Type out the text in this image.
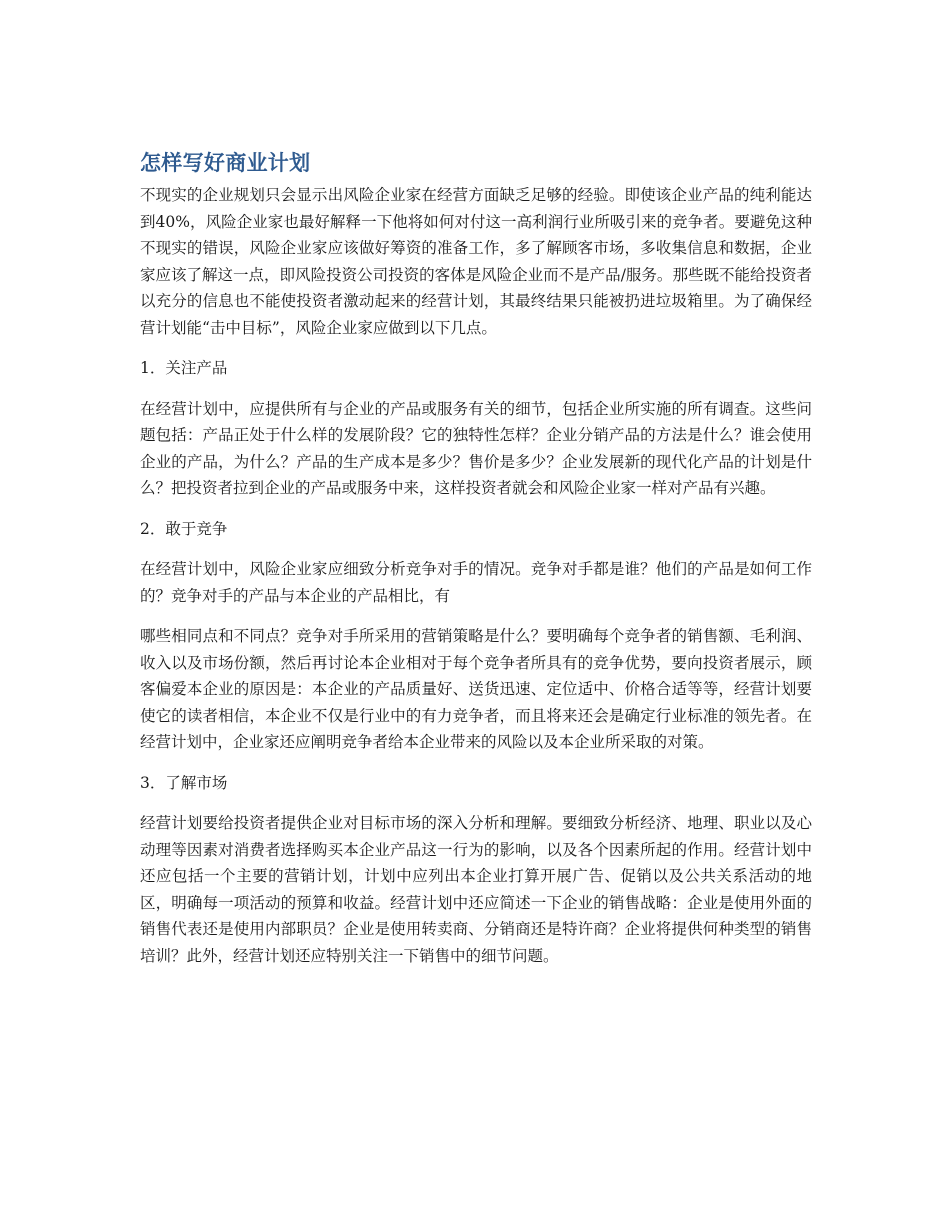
怎样写好商业计划

不现实的企业规划只会显示出风险企业家在经营方面缺乏足够的经验。即使该企业产品的纯利能达到40%，风险企业家也最好解释一下他将如何对付这一高利润行业所吸引来的竞争者。要避免这种不现实的错误，风险企业家应该做好筹资的准备工作，多了解顾客市场，多收集信息和数据，企业家应该了解这一点，即风险投资公司投资的客体是风险企业而不是产品/服务。那些既不能给投资者以充分的信息也不能使投资者激动起来的经营计划，其最终结果只能被扔进垃圾箱里。为了确保经营计划能“击中目标”，风险企业家应做到以下几点。

1．关注产品

在经营计划中，应提供所有与企业的产品或服务有关的细节，包括企业所实施的所有调查。这些问题包括：产品正处于什么样的发展阶段？它的独特性怎样？企业分销产品的方法是什么？谁会使用企业的产品，为什么？产品的生产成本是多少？售价是多少？企业发展新的现代化产品的计划是什么？把投资者拉到企业的产品或服务中来，这样投资者就会和风险企业家一样对产品有兴趣。

2．敢于竞争

在经营计划中，风险企业家应细致分析竞争对手的情况。竞争对手都是谁？他们的产品是如何工作的？竞争对手的产品与本企业的产品相比，有

哪些相同点和不同点？竞争对手所采用的营销策略是什么？要明确每个竞争者的销售额、毛利润、收入以及市场份额，然后再讨论本企业相对于每个竞争者所具有的竞争优势，要向投资者展示，顾客偏爱本企业的原因是：本企业的产品质量好、送货迅速、定位适中、价格合适等等，经营计划要使它的读者相信，本企业不仅是行业中的有力竞争者，而且将来还会是确定行业标准的领先者。在经营计划中，企业家还应阐明竞争者给本企业带来的风险以及本企业所采取的对策。

3．了解市场

经营计划要给投资者提供企业对目标市场的深入分析和理解。要细致分析经济、地理、职业以及心动理等因素对消费者选择购买本企业产品这一行为的影响，以及各个因素所起的作用。经营计划中还应包括一个主要的营销计划，计划中应列出本企业打算开展广告、促销以及公共关系活动的地区，明确每一项活动的预算和收益。经营计划中还应简述一下企业的销售战略：企业是使用外面的销售代表还是使用内部职员？企业是使用转卖商、分销商还是特许商？企业将提供何种类型的销售培训？此外，经营计划还应特别关注一下销售中的细节问题。
